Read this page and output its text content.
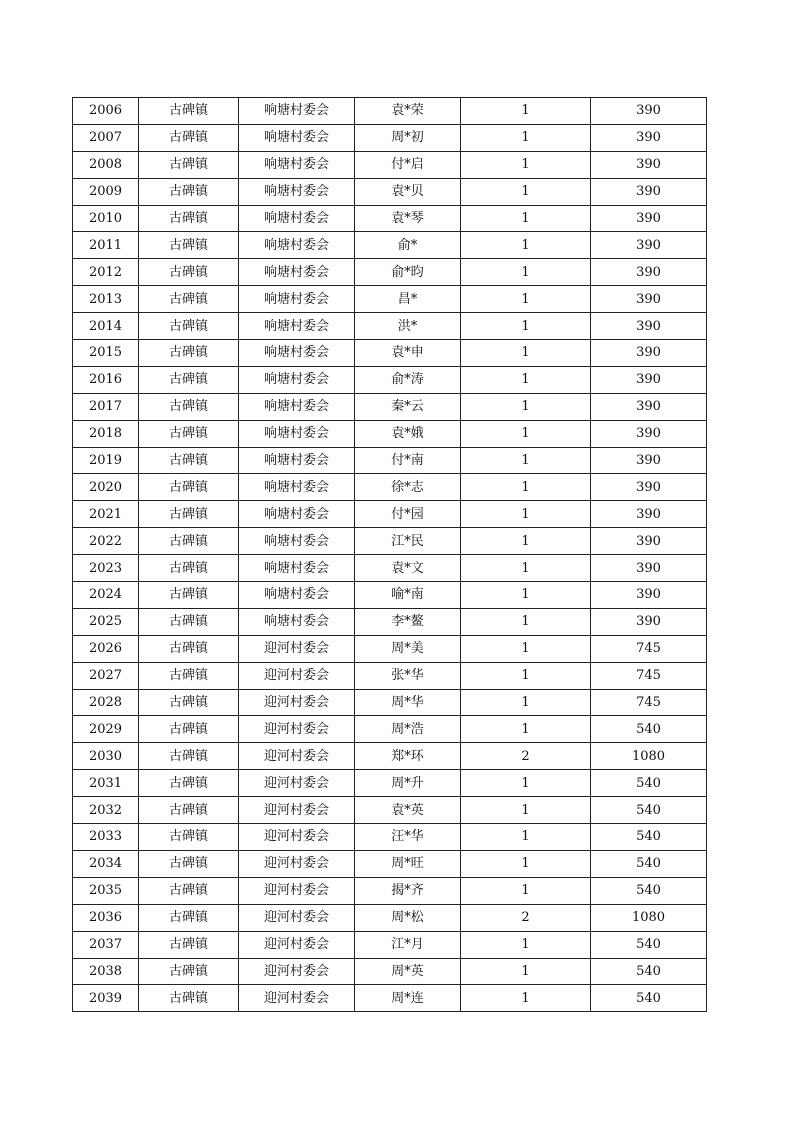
2006	古碑镇	响塘村委会	袁*荣	1	390
2007	古碑镇	响塘村委会	周*初	1	390
2008	古碑镇	响塘村委会	付*启	1	390
2009	古碑镇	响塘村委会	袁*贝	1	390
2010	古碑镇	响塘村委会	袁*琴	1	390
2011	古碑镇	响塘村委会	俞*	1	390
2012	古碑镇	响塘村委会	俞*昀	1	390
2013	古碑镇	响塘村委会	昌*	1	390
2014	古碑镇	响塘村委会	洪*	1	390
2015	古碑镇	响塘村委会	袁*申	1	390
2016	古碑镇	响塘村委会	俞*涛	1	390
2017	古碑镇	响塘村委会	秦*云	1	390
2018	古碑镇	响塘村委会	袁*娥	1	390
2019	古碑镇	响塘村委会	付*南	1	390
2020	古碑镇	响塘村委会	徐*志	1	390
2021	古碑镇	响塘村委会	付*园	1	390
2022	古碑镇	响塘村委会	江*民	1	390
2023	古碑镇	响塘村委会	袁*文	1	390
2024	古碑镇	响塘村委会	喻*南	1	390
2025	古碑镇	响塘村委会	李*鳌	1	390
2026	古碑镇	迎河村委会	周*美	1	745
2027	古碑镇	迎河村委会	张*华	1	745
2028	古碑镇	迎河村委会	周*华	1	745
2029	古碑镇	迎河村委会	周*浩	1	540
2030	古碑镇	迎河村委会	郑*环	2	1080
2031	古碑镇	迎河村委会	周*升	1	540
2032	古碑镇	迎河村委会	袁*英	1	540
2033	古碑镇	迎河村委会	汪*华	1	540
2034	古碑镇	迎河村委会	周*旺	1	540
2035	古碑镇	迎河村委会	揭*齐	1	540
2036	古碑镇	迎河村委会	周*松	2	1080
2037	古碑镇	迎河村委会	江*月	1	540
2038	古碑镇	迎河村委会	周*英	1	540
2039	古碑镇	迎河村委会	周*连	1	540
